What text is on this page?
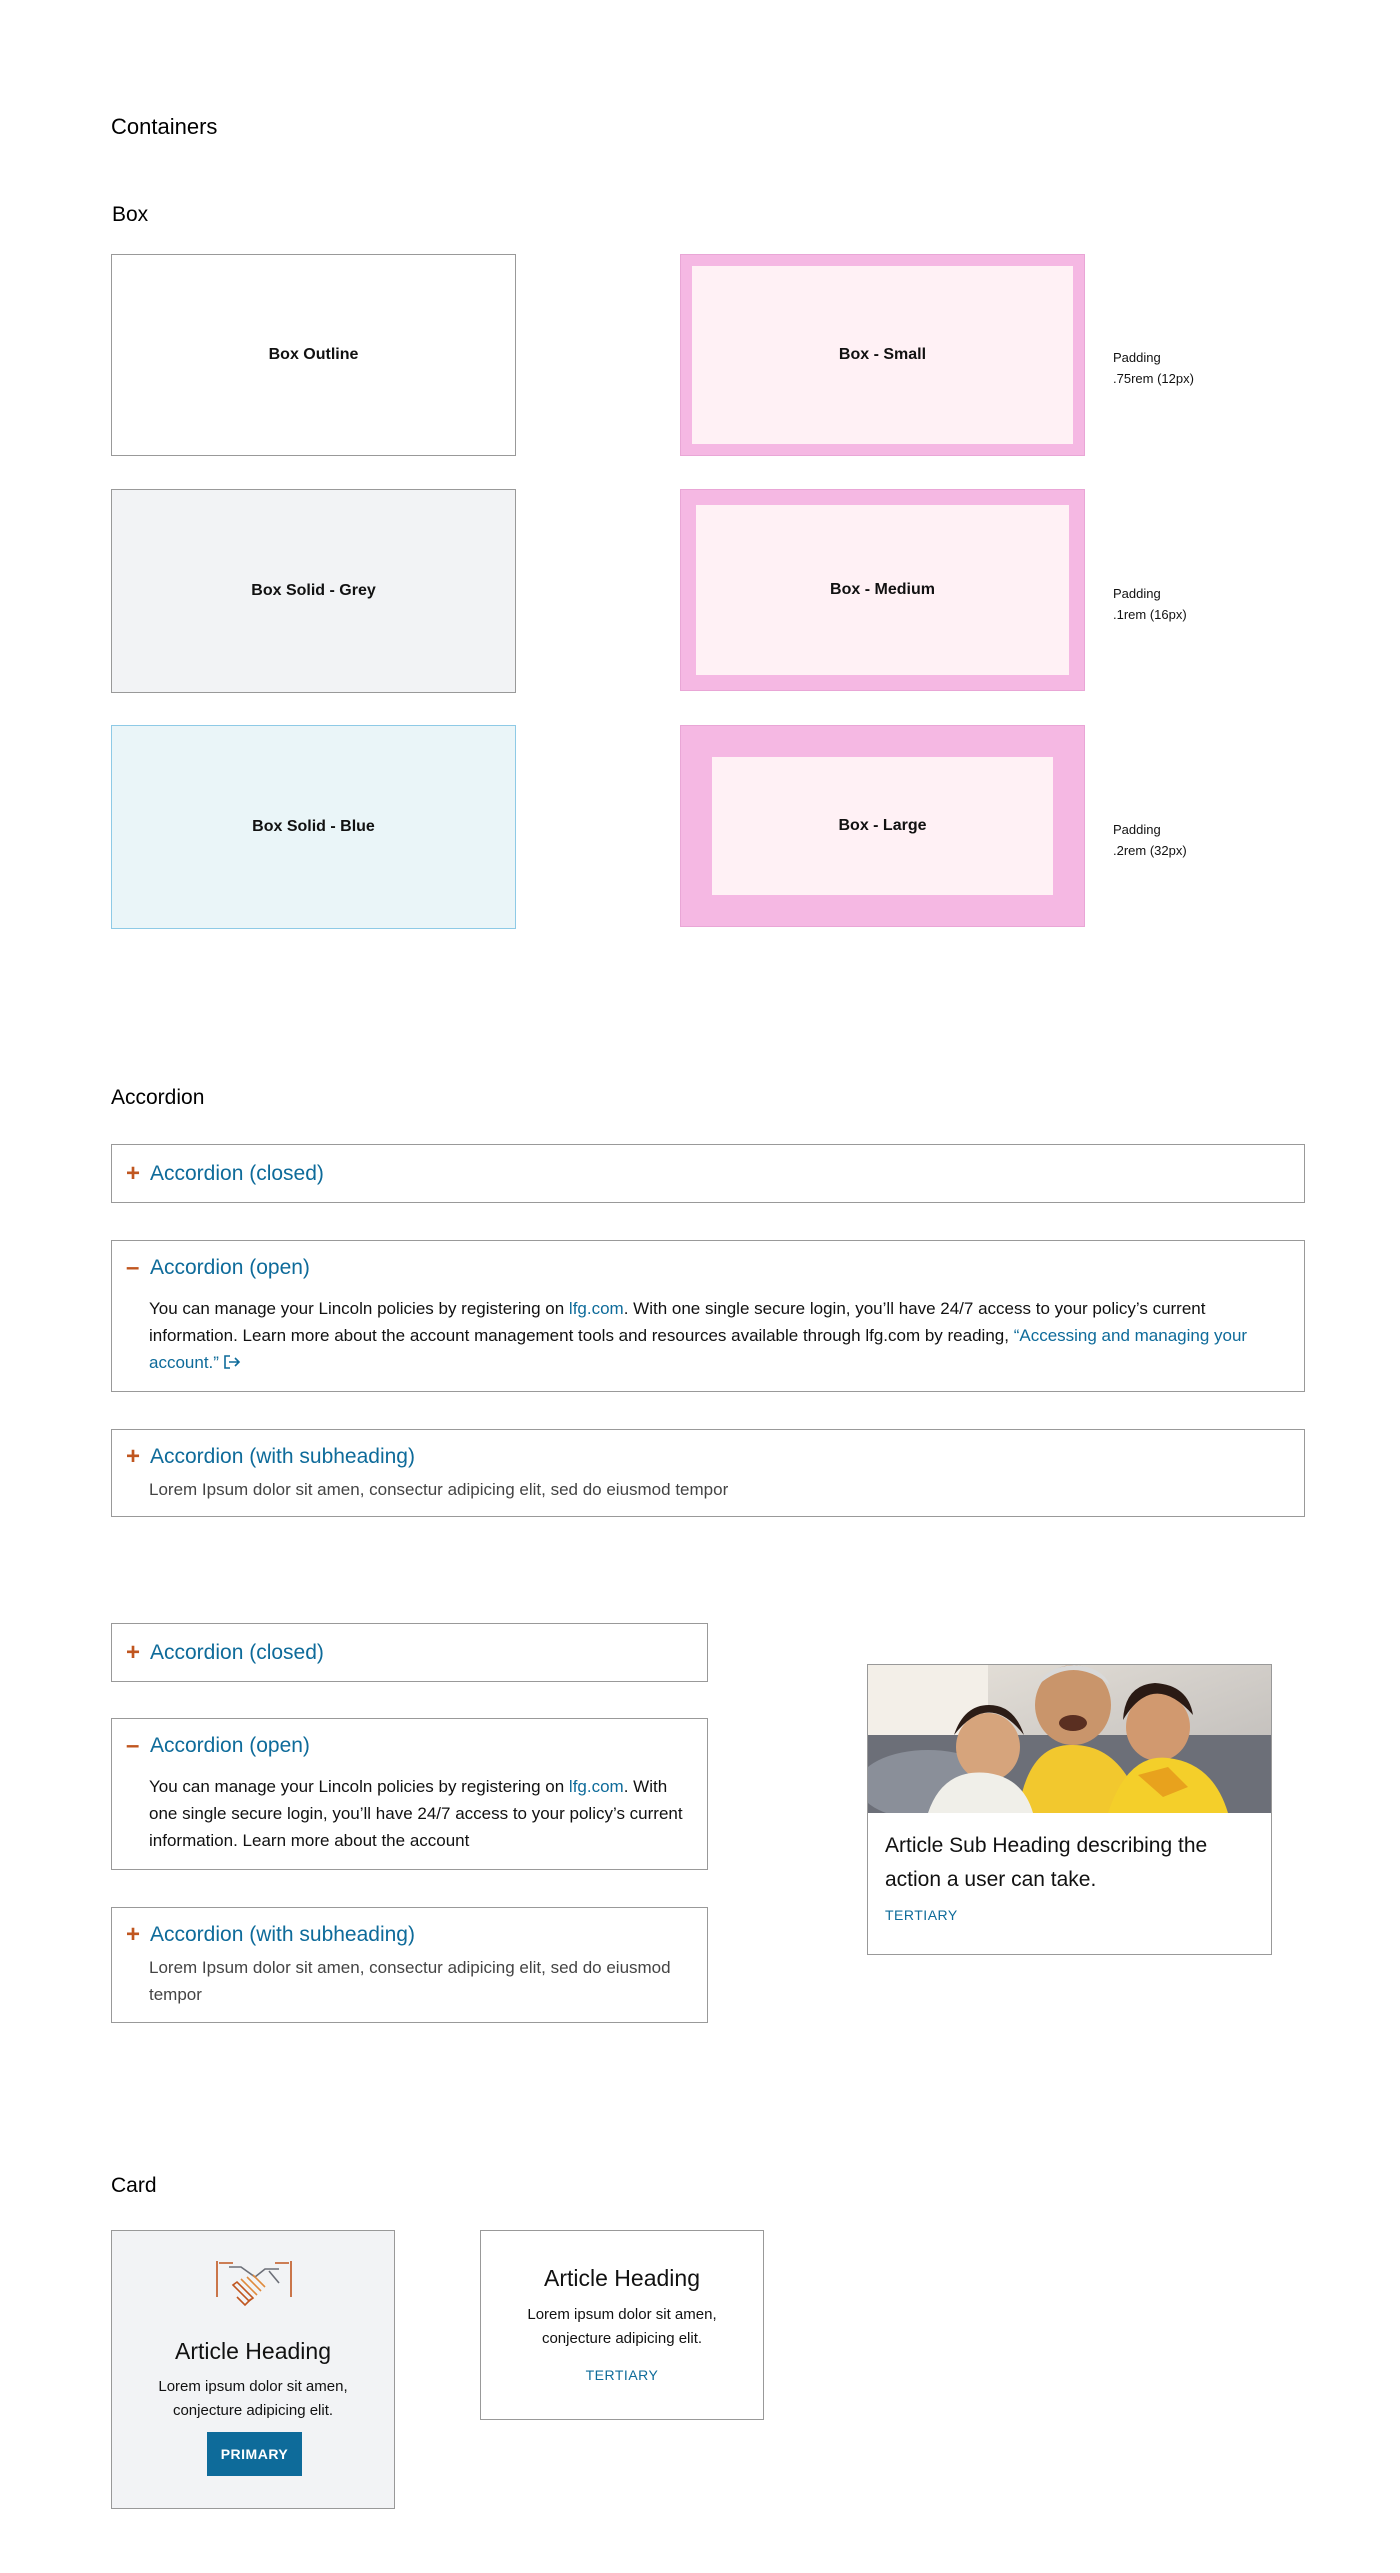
Containers
Box
Box Outline
Box Solid - Grey
Box Solid - Blue
Box - Small
Box - Medium
Box - Large
Padding
.75rem (12px)
Padding
.1rem (16px)
Padding
.2rem (32px)
Accordion
+ Accordion (closed)
– Accordion (open)
You can manage your Lincoln policies by registering on lfg.com. With one single secure login, you’ll have 24/7 access to your policy’s current information. Learn more about the account management tools and resources available through lfg.com by reading, “Accessing and managing your account.”
+ Accordion (with subheading)
Lorem Ipsum dolor sit amen, consectur adipicing elit, sed do eiusmod tempor
+ Accordion (closed)
– Accordion (open)
You can manage your Lincoln policies by registering on lfg.com. With one single secure login, you’ll have 24/7 access to your policy’s current information. Learn more about the account
+ Accordion (with subheading)
Lorem Ipsum dolor sit amen, consectur adipicing elit, sed do eiusmod tempor
Article Sub Heading describing the action a user can take.
TERTIARY
Card
Article Heading
Lorem ipsum dolor sit amen, conjecture adipicing elit.
PRIMARY
Article Heading
Lorem ipsum dolor sit amen, conjecture adipicing elit.
TERTIARY
